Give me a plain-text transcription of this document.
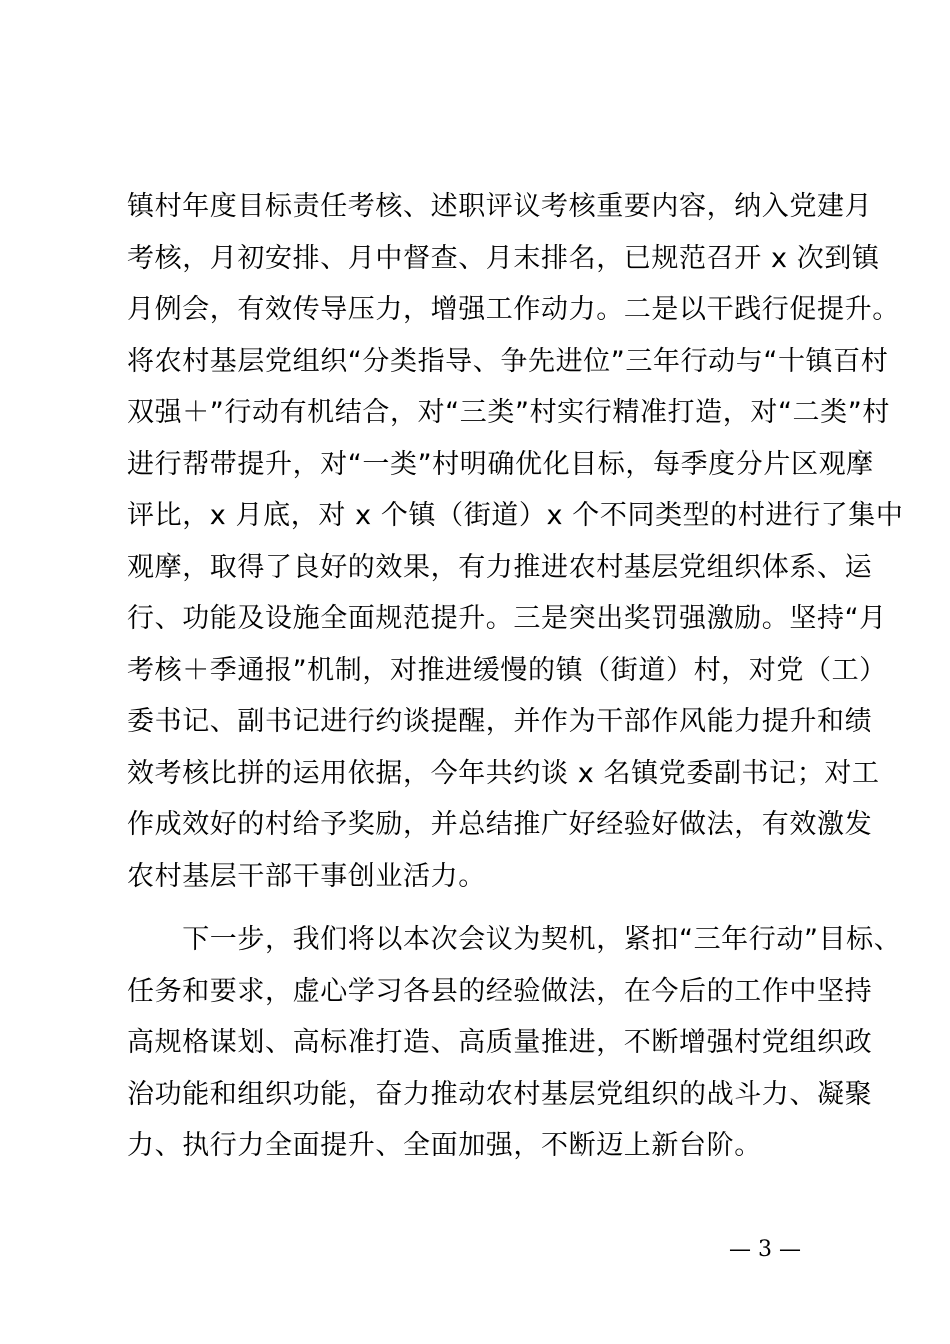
镇村年度目标责任考核、述职评议考核重要内容，纳入党建月
考核，月初安排、月中督查、月末排名，已规范召开 x 次到镇
月例会，有效传导压力，增强工作动力。二是以干践行促提升。
将农村基层党组织“分类指导、争先进位”三年行动与“十镇百村
双强＋”行动有机结合，对“三类”村实行精准打造，对“二类”村
进行帮带提升，对“一类”村明确优化目标，每季度分片区观摩
评比，x 月底，对 x 个镇（街道）x 个不同类型的村进行了集中
观摩，取得了良好的效果，有力推进农村基层党组织体系、运
行、功能及设施全面规范提升。三是突出奖罚强激励。坚持“月
考核＋季通报”机制，对推进缓慢的镇（街道）村，对党（工）
委书记、副书记进行约谈提醒，并作为干部作风能力提升和绩
效考核比拼的运用依据，今年共约谈 x 名镇党委副书记；对工
作成效好的村给予奖励，并总结推广好经验好做法，有效激发
农村基层干部干事创业活力。
　　下一步，我们将以本次会议为契机，紧扣“三年行动”目标、
任务和要求，虚心学习各县的经验做法，在今后的工作中坚持
高规格谋划、高标准打造、高质量推进，不断增强村党组织政
治功能和组织功能，奋力推动农村基层党组织的战斗力、凝聚
力、执行力全面提升、全面加强，不断迈上新台阶。
— 3 —
